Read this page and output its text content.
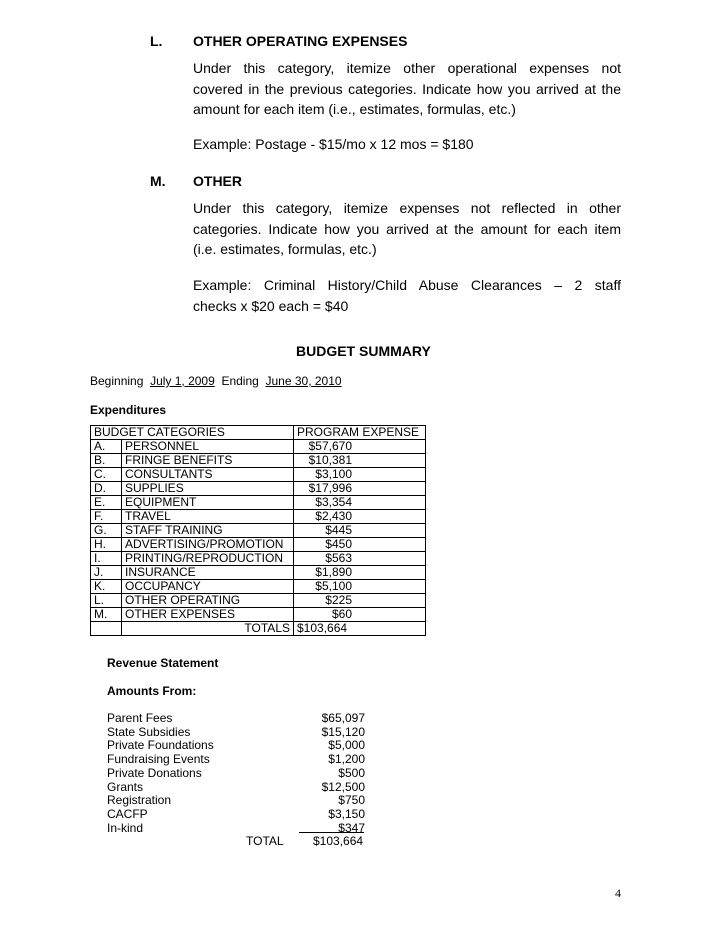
L. OTHER OPERATING EXPENSES

Under this category, itemize other operational expenses not

covered in the previous categories. Indicate how you arrived at the

amount for each item (i.e., estimates, formulas, etc.)

Example: Postage - $15/mo x 12 mos = $180

M. OTHER

Under this category, itemize expenses not reflected in other

categories. Indicate how you arrived at the amount for each item

(i.e. estimates, formulas, etc.)

Example: Criminal History/Child Abuse Clearances – 2 staff

checks x $20 each = $40

BUDGET SUMMARY
Beginning July 1, 2009 Ending June 30, 2010
Expenditures
BUDGET CATEGORIES		PROGRAM EXPENSE
A.	PERSONNEL	$57,670
B.	FRINGE BENEFITS	$10,381
C.	CONSULTANTS	$3,100
D.	SUPPLIES	$17,996
E.	EQUIPMENT	$3,354
F.	TRAVEL	$2,430
G.	STAFF TRAINING	$445
H.	ADVERTISING/PROMOTION	$450
I.	PRINTING/REPRODUCTION	$563
J.	INSURANCE	$1,890
K.	OCCUPANCY	$5,100
L.	OTHER OPERATING	$225
M.	OTHER EXPENSES	$60
	TOTALS	$103,664
Revenue Statement
Amounts From:
Parent Fees	$65,097
State Subsidies	$15,120
Private Foundations	$5,000
Fundraising Events	$1,200
Private Donations	$500
Grants	$12,500
Registration	$750
CACFP	$3,150
In-kind	$347
TOTAL $103,664
4
